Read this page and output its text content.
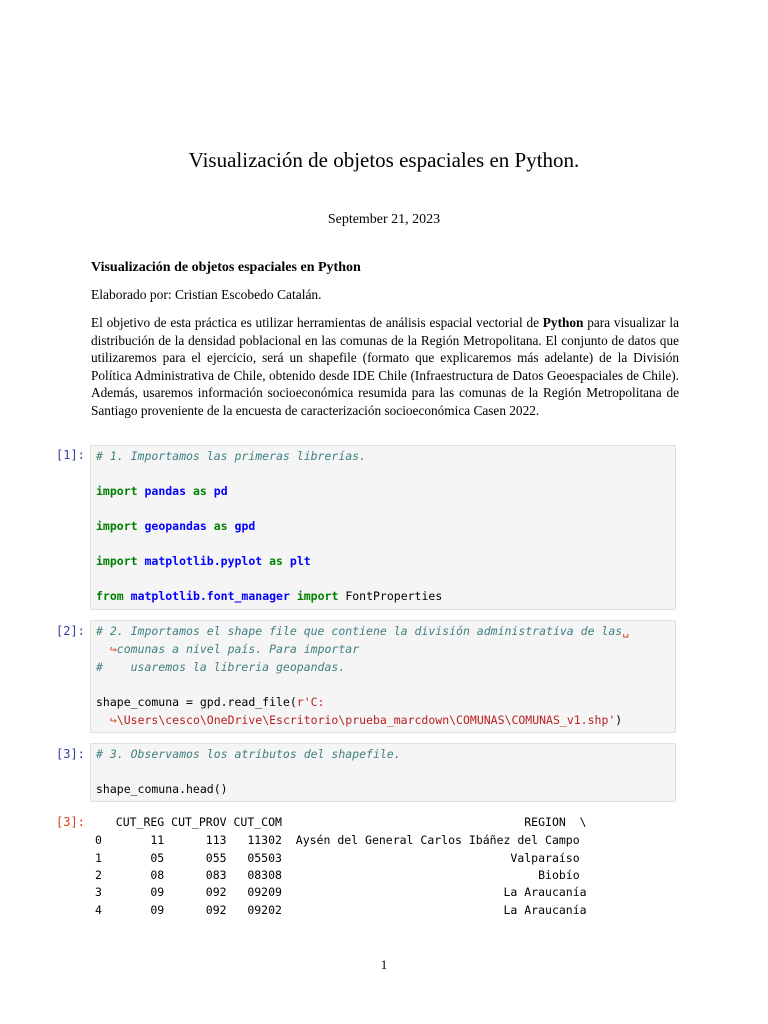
Visualización de objetos espaciales en Python.
September 21, 2023
Visualización de objetos espaciales en Python
Elaborado por: Cristian Escobedo Catalán.
El objetivo de esta práctica es utilizar herramientas de análisis espacial vectorial de Python para visualizar la distribución de la densidad poblacional en las comunas de la Región Metropolitana. El conjunto de datos que utilizaremos para el ejercicio, será un shapefile (formato que explicaremos más adelante) de la División Política Administrativa de Chile, obtenido desde IDE Chile (Infraestructura de Datos Geoespaciales de Chile). Además, usaremos información socioeconómica resumida para las comunas de la Región Metropolitana de Santiago proveniente de la encuesta de caracterización socioeconómica Casen 2022.
[1]: # 1. Importamos las primeras librerías.
import pandas as pd
import geopandas as gpd
import matplotlib.pyplot as plt
from matplotlib.font_manager import FontProperties
[2]: # 2. Importamos el shape file que contiene la división administrativa de las␣
↪comunas a nivel país. Para importar
#    usaremos la libreria geopandas.
shape_comuna = gpd.read_file(r'C:
↪\Users\cesco\OneDrive\Escritorio\prueba_marcdown\COMUNAS\COMUNAS_v1.shp')
[3]: # 3. Observamos los atributos del shapefile.
shape_comuna.head()
[3]: CUT_REG CUT_PROV CUT_COM                                   REGION  \
0       11      113   11302  Aysén del General Carlos Ibáñez del Campo
1       05      055   05503                                 Valparaíso
2       08      083   08308                                     Biobío
3       09      092   09209                                La Araucanía
4       09      092   09202                                La Araucanía
1
